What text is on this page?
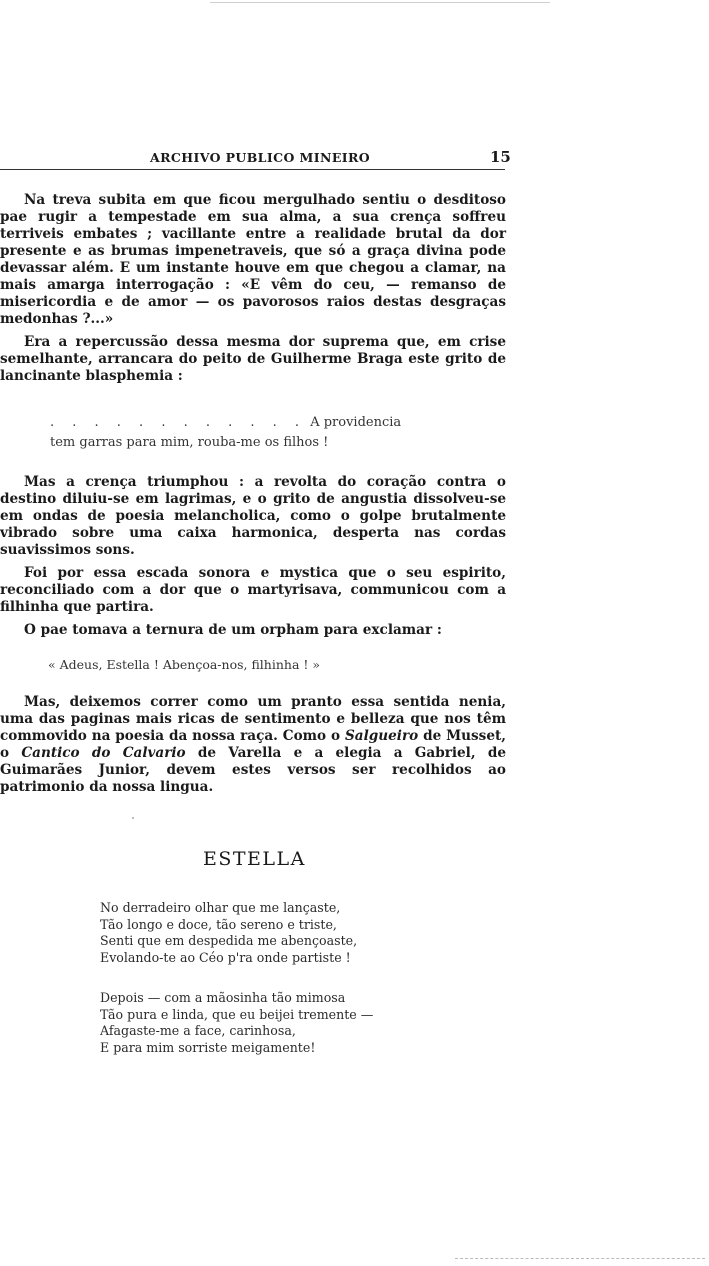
ARCHIVO PUBLICO MINEIRO	15

Na treva subita em que ficou mergulhado sentiu o desditoso pae rugir a tempestade em sua alma, a sua crença soffreu terriveis embates ; vacillante entre a realidade brutal da dor presente e as brumas impenetraveis, que só a graça divina pode devassar além. E um instante houve em que chegou a clamar, na mais amarga interrogação : «E vêm do ceu, — remanso de misericordia e de amor — os pavorosos raios destas desgraças medonhas ?...»

Era a repercussão dessa mesma dor suprema que, em crise semelhante, arrancara do peito de Guilherme Braga este grito de lancinante blasphemia :

. . . . . . . . . . . . A providencia
tem garras para mim, rouba-me os filhos !

Mas a crença triumphou : a revolta do coração contra o destino diluiu-se em lagrimas, e o grito de angustia dissolveu-se em ondas de poesia melancholica, como o golpe brutalmente vibrado sobre uma caixa harmonica, desperta nas cordas suavissimos sons.

Foi por essa escada sonora e mystica que o seu espirito, reconciliado com a dor que o martyrisava, communicou com a filhinha que partira.

O pae tomava a ternura de um orpham para exclamar :

« Adeus, Estella ! Abençoa-nos, filhinha ! »

Mas, deixemos correr como um pranto essa sentida nenia, uma das paginas mais ricas de sentimento e belleza que nos têm commovido na poesia da nossa raça. Como o Salgueiro de Musset, o Cantico do Calvario de Varella e a elegia a Gabriel, de Guimarães Junior, devem estes versos ser recolhidos ao patrimonio da nossa lingua.

ESTELLA
No derradeiro olhar que me lançaste,
Tão longo e doce, tão sereno e triste,
Senti que em despedida me abençoaste,
Evolando-te ao Céo p'ra onde partiste !
Depois — com a mãosinha tão mimosa
Tão pura e linda, que eu beijei tremente —
Afagaste-me a face, carinhosa,
E para mim sorriste meigamente!
